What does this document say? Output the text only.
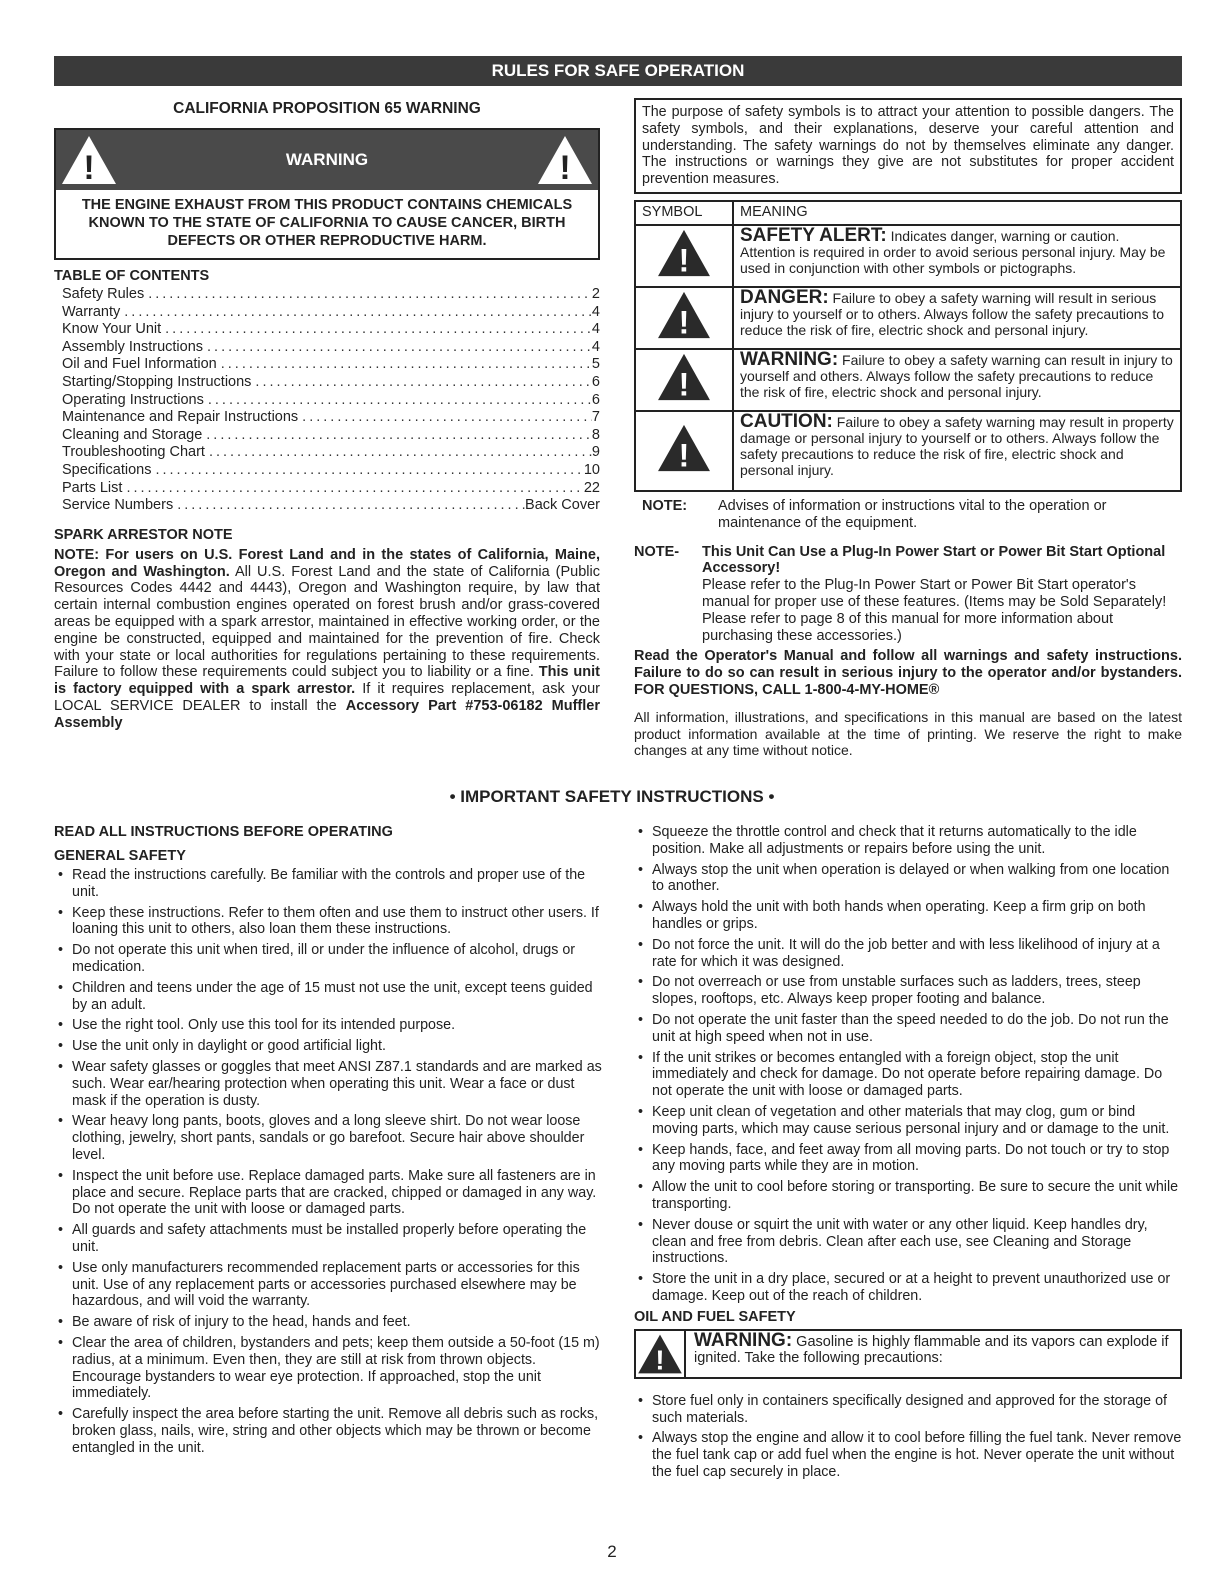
RULES FOR SAFE OPERATION
CALIFORNIA PROPOSITION 65 WARNING
!	WARNING	!
THE ENGINE EXHAUST FROM THIS PRODUCT CONTAINS CHEMICALS KNOWN TO THE STATE OF CALIFORNIA TO CAUSE CANCER, BIRTH DEFECTS OR OTHER REPRODUCTIVE HARM.
TABLE OF CONTENTS
Safety Rules .....	2
Warranty .....	4
Know Your Unit .....	4
Assembly Instructions .....	4
Oil and Fuel Information .....	5
Starting/Stopping Instructions .....	6
Operating Instructions .....	6
Maintenance and Repair Instructions .....	7
Cleaning and Storage .....	8
Troubleshooting Chart .....	9
Specifications .....	10
Parts List .....	22
Service Numbers .....	Back Cover
SPARK ARRESTOR NOTE

NOTE: For users on U.S. Forest Land and in the states of California, Maine, Oregon and Washington. All U.S. Forest Land and the state of California (Public Resources Codes 4442 and 4443), Oregon and Washington require, by law that certain internal combustion engines operated on forest brush and/or grass-covered areas be equipped with a spark arrestor, maintained in effective working order, or the engine be constructed, equipped and maintained for the prevention of fire. Check with your state or local authorities for regulations pertaining to these requirements. Failure to follow these requirements could subject you to liability or a fine. This unit is factory equipped with a spark arrestor. If it requires replacement, ask your LOCAL SERVICE DEALER to install the Accessory Part #753-06182 Muffler Assembly

The purpose of safety symbols is to attract your attention to possible dangers. The safety symbols, and their explanations, deserve your careful attention and understanding. The safety warnings do not by themselves eliminate any danger. The instructions or warnings they give are not substitutes for proper accident prevention measures.
SYMBOL	MEANING

!	SAFETY ALERT: Indicates danger, warning or caution. Attention is required in order to avoid serious personal injury. May be used in conjunction with other symbols or pictographs.

!	DANGER: Failure to obey a safety warning will result in serious injury to yourself or to others. Always follow the safety precautions to reduce the risk of fire, electric shock and personal injury.

!	WARNING: Failure to obey a safety warning can result in injury to yourself and others. Always follow the safety precautions to reduce the risk of fire, electric shock and personal injury.

!	CAUTION: Failure to obey a safety warning may result in property damage or personal injury to yourself or to others. Always follow the safety precautions to reduce the risk of fire, electric shock and personal injury.
NOTE:	Advises of information or instructions vital to the operation or maintenance of the equipment.
NOTE-	This Unit Can Use a Plug-In Power Start or Power Bit Start Optional Accessory!
Please refer to the Plug-In Power Start or Power Bit Start operator's manual for proper use of these features. (Items may be Sold Separately! Please refer to page 8 of this manual for more information about purchasing these accessories.)

Read the Operator's Manual and follow all warnings and safety instructions. Failure to do so can result in serious injury to the operator and/or bystanders. FOR QUESTIONS, CALL 1-800-4-MY-HOME®

All information, illustrations, and specifications in this manual are based on the latest product information available at the time of printing. We reserve the right to make changes at any time without notice.

• IMPORTANT SAFETY INSTRUCTIONS •
READ ALL INSTRUCTIONS BEFORE OPERATING
GENERAL SAFETY
• Read the instructions carefully. Be familiar with the controls and proper use of the unit.
• Keep these instructions. Refer to them often and use them to instruct other users. If loaning this unit to others, also loan them these instructions.
• Do not operate this unit when tired, ill or under the influence of alcohol, drugs or medication.
• Children and teens under the age of 15 must not use the unit, except teens guided by an adult.
• Use the right tool. Only use this tool for its intended purpose.
• Use the unit only in daylight or good artificial light.
• Wear safety glasses or goggles that meet ANSI Z87.1 standards and are marked as such. Wear ear/hearing protection when operating this unit. Wear a face or dust mask if the operation is dusty.
• Wear heavy long pants, boots, gloves and a long sleeve shirt. Do not wear loose clothing, jewelry, short pants, sandals or go barefoot. Secure hair above shoulder level.
• Inspect the unit before use. Replace damaged parts. Make sure all fasteners are in place and secure. Replace parts that are cracked, chipped or damaged in any way. Do not operate the unit with loose or damaged parts.
• All guards and safety attachments must be installed properly before operating the unit.
• Use only manufacturers recommended replacement parts or accessories for this unit. Use of any replacement parts or accessories purchased elsewhere may be hazardous, and will void the warranty.
• Be aware of risk of injury to the head, hands and feet.
• Clear the area of children, bystanders and pets; keep them outside a 50-foot (15 m) radius, at a minimum. Even then, they are still at risk from thrown objects. Encourage bystanders to wear eye protection. If approached, stop the unit immediately.
• Carefully inspect the area before starting the unit. Remove all debris such as rocks, broken glass, nails, wire, string and other objects which may be thrown or become entangled in the unit.
• Squeeze the throttle control and check that it returns automatically to the idle position. Make all adjustments or repairs before using the unit.
• Always stop the unit when operation is delayed or when walking from one location to another.
• Always hold the unit with both hands when operating. Keep a firm grip on both handles or grips.
• Do not force the unit. It will do the job better and with less likelihood of injury at a rate for which it was designed.
• Do not overreach or use from unstable surfaces such as ladders, trees, steep slopes, rooftops, etc. Always keep proper footing and balance.
• Do not operate the unit faster than the speed needed to do the job. Do not run the unit at high speed when not in use.
• If the unit strikes or becomes entangled with a foreign object, stop the unit immediately and check for damage. Do not operate before repairing damage. Do not operate the unit with loose or damaged parts.
• Keep unit clean of vegetation and other materials that may clog, gum or bind moving parts, which may cause serious personal injury and or damage to the unit.
• Keep hands, face, and feet away from all moving parts. Do not touch or try to stop any moving parts while they are in motion.
• Allow the unit to cool before storing or transporting. Be sure to secure the unit while transporting.
• Never douse or squirt the unit with water or any other liquid. Keep handles dry, clean and free from debris. Clean after each use, see Cleaning and Storage instructions.
• Store the unit in a dry place, secured or at a height to prevent unauthorized use or damage. Keep out of the reach of children.
OIL AND FUEL SAFETY
!
WARNING: Gasoline is highly flammable and its vapors can explode if ignited. Take the following precautions:
• Store fuel only in containers specifically designed and approved for the storage of such materials.
• Always stop the engine and allow it to cool before filling the fuel tank. Never remove the fuel tank cap or add fuel when the engine is hot. Never operate the unit without the fuel cap securely in place.
2
